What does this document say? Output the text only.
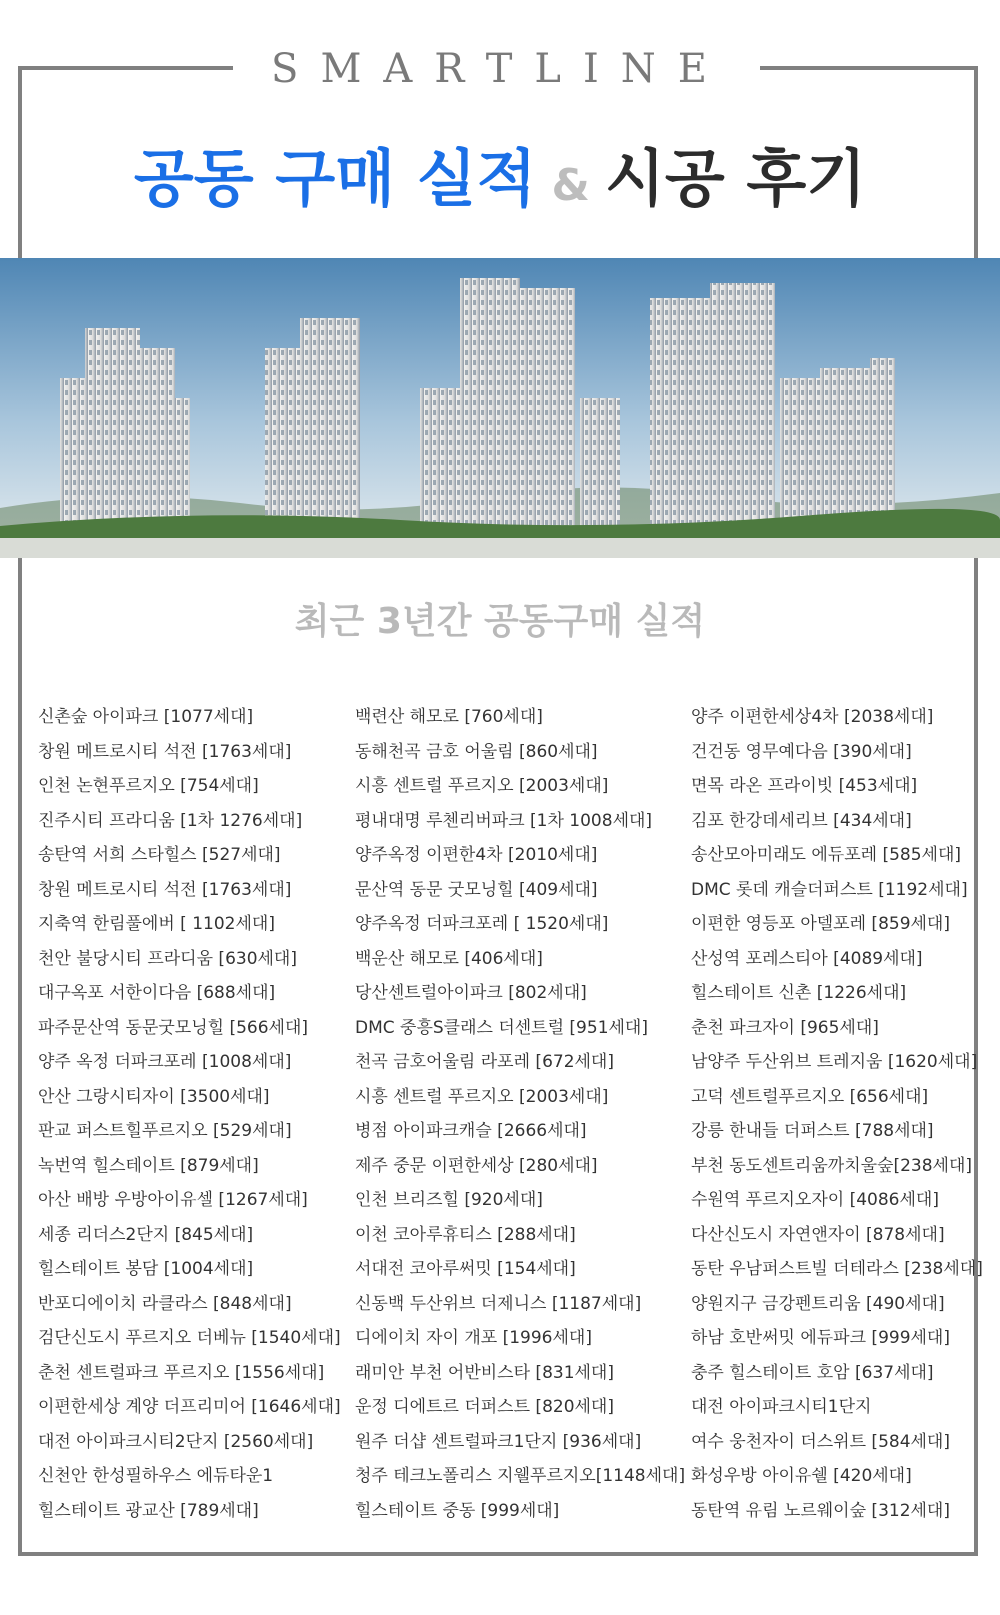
SMARTLINE
공동 구매 실적 & 시공 후기
최근 3년간 공동구매 실적
신촌숲 아이파크 [1077세대]
창원 메트로시티 석전 [1763세대]
인천 논현푸르지오 [754세대]
진주시티 프라디움 [1차 1276세대]
송탄역 서희 스타힐스 [527세대]
창원 메트로시티 석전 [1763세대]
지축역 한림풀에버 [ 1102세대]
천안 불당시티 프라디움 [630세대]
대구옥포 서한이다음 [688세대]
파주문산역 동문굿모닝힐 [566세대]
양주 옥정 더파크포레 [1008세대]
안산 그랑시티자이 [3500세대]
판교 퍼스트힐푸르지오 [529세대]
녹번역 힐스테이트 [879세대]
아산 배방 우방아이유셀 [1267세대]
세종 리더스2단지 [845세대]
힐스테이트 봉담 [1004세대]
반포디에이치 라클라스 [848세대]
검단신도시 푸르지오 더베뉴 [1540세대]
춘천 센트럴파크 푸르지오 [1556세대]
이편한세상 계양 더프리미어 [1646세대]
대전 아이파크시티2단지 [2560세대]
신천안 한성필하우스 에듀타운1
힐스테이트 광교산 [789세대]
백련산 해모로 [760세대]
동해천곡 금호 어울림 [860세대]
시흥 센트럴 푸르지오 [2003세대]
평내대명 루첸리버파크 [1차 1008세대]
양주옥정 이편한4차 [2010세대]
문산역 동문 굿모닝힐 [409세대]
양주옥정 더파크포레 [ 1520세대]
백운산 해모로 [406세대]
당산센트럴아이파크 [802세대]
DMC 중흥S클래스 더센트럴 [951세대]
천곡 금호어울림 라포레 [672세대]
시흥 센트럴 푸르지오 [2003세대]
병점 아이파크캐슬 [2666세대]
제주 중문 이편한세상 [280세대]
인천 브리즈힐 [920세대]
이천 코아루휴티스 [288세대]
서대전 코아루써밋 [154세대]
신동백 두산위브 더제니스 [1187세대]
디에이치 자이 개포 [1996세대]
래미안 부천 어반비스타 [831세대]
운정 디에트르 더퍼스트 [820세대]
원주 더샵 센트럴파크1단지 [936세대]
청주 테크노폴리스 지웰푸르지오[1148세대]
힐스테이트 중동 [999세대]
양주 이편한세상4차 [2038세대]
건건동 영무예다음 [390세대]
면목 라온 프라이빗 [453세대]
김포 한강데세리브 [434세대]
송산모아미래도 에듀포레 [585세대]
DMC 롯데 캐슬더퍼스트 [1192세대]
이편한 영등포 아델포레 [859세대]
산성역 포레스티아 [4089세대]
힐스테이트 신촌 [1226세대]
춘천 파크자이 [965세대]
남양주 두산위브 트레지움 [1620세대]
고덕 센트럴푸르지오 [656세대]
강릉 한내들 더퍼스트 [788세대]
부천 동도센트리움까치울숲[238세대]
수원역 푸르지오자이 [4086세대]
다산신도시 자연앤자이 [878세대]
동탄 우남퍼스트빌 더테라스 [238세대]
양원지구 금강펜트리움 [490세대]
하남 호반써밋 에듀파크 [999세대]
충주 힐스테이트 호암 [637세대]
대전 아이파크시티1단지
여수 웅천자이 더스위트 [584세대]
화성우방 아이유쉘 [420세대]
동탄역 유림 노르웨이숲 [312세대]
